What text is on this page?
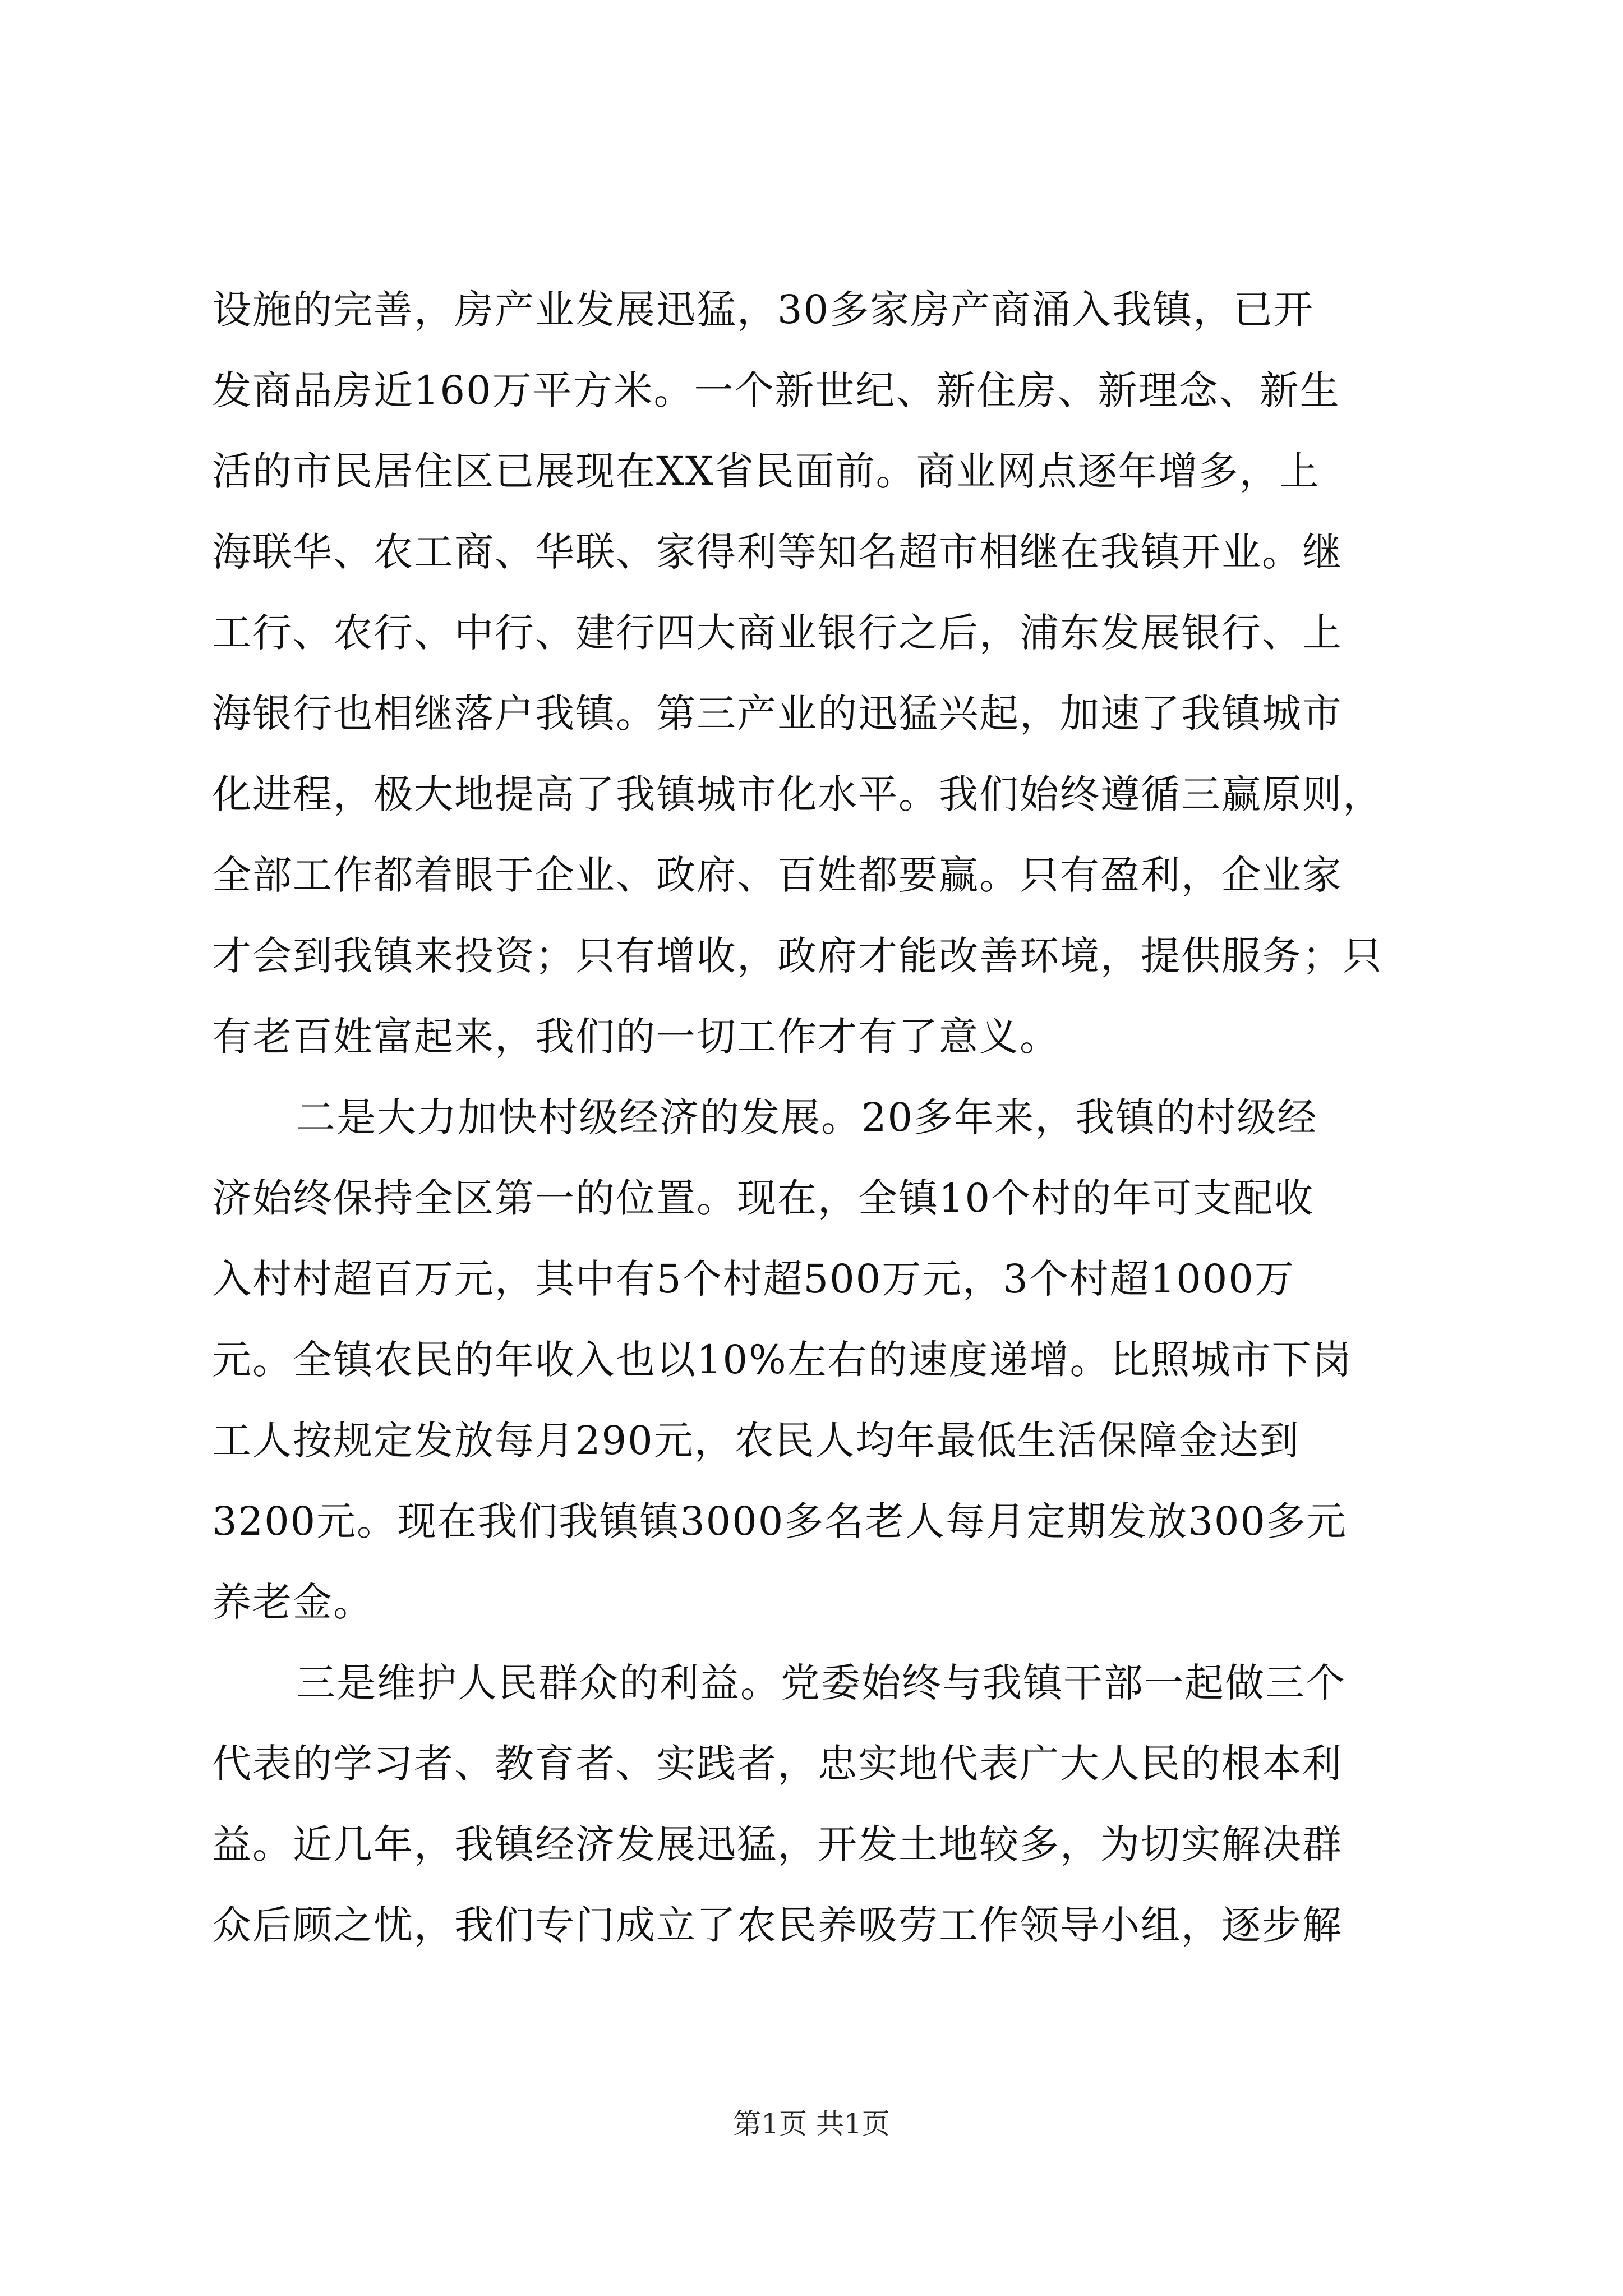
设施的完善，房产业发展迅猛，30多家房产商涌入我镇，已开
发商品房近160万平方米。一个新世纪、新住房、新理念、新生
活的市民居住区已展现在XX省民面前。商业网点逐年增多，上
海联华、农工商、华联、家得利等知名超市相继在我镇开业。继
工行、农行、中行、建行四大商业银行之后，浦东发展银行、上
海银行也相继落户我镇。第三产业的迅猛兴起，加速了我镇城市
化进程，极大地提高了我镇城市化水平。我们始终遵循三赢原则，
全部工作都着眼于企业、政府、百姓都要赢。只有盈利，企业家
才会到我镇来投资；只有增收，政府才能改善环境，提供服务；只
有老百姓富起来，我们的一切工作才有了意义。
二是大力加快村级经济的发展。20多年来，我镇的村级经
济始终保持全区第一的位置。现在，全镇10个村的年可支配收
入村村超百万元，其中有5个村超500万元，3个村超1000万
元。全镇农民的年收入也以10%左右的速度递增。比照城市下岗
工人按规定发放每月290元，农民人均年最低生活保障金达到
3200元。现在我们我镇镇3000多名老人每月定期发放300多元
养老金。
三是维护人民群众的利益。党委始终与我镇干部一起做三个
代表的学习者、教育者、实践者，忠实地代表广大人民的根本利
益。近几年，我镇经济发展迅猛，开发土地较多，为切实解决群
众后顾之忧，我们专门成立了农民养吸劳工作领导小组，逐步解
第1页 共1页
